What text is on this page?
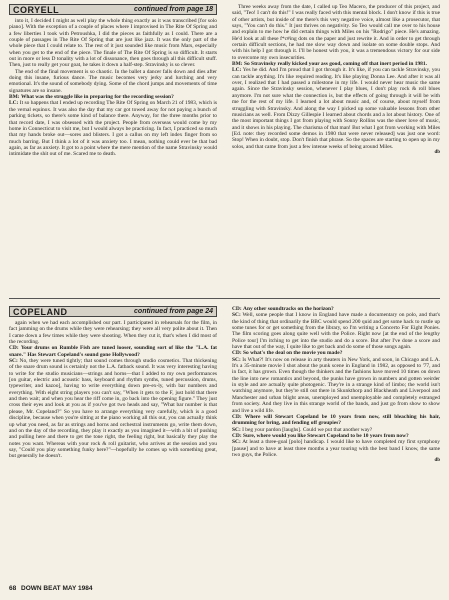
CORYELL	continued from page 18

into it, I decided I might as well play the whole thing exactly as it was transcribed [for solo piano]. With the exception of a couple of places where I improvised in The Rite Of Spring and a few liberties I took with Petroushka, I did the pieces as faithfully as I could. There are a couple of passages in The Rite Of Spring that are just like jazz. It was the only part of the whole piece that I could relate to. The rest of it just sounded like music from Mars, especially when you get to the end of the piece. The finale of The Rite Of Spring is so difficult. It starts out in more or less D tonality with a lot of dissonance, then goes through all this difficult stuff. Then, just to really get your goat, he takes it down a half-step. Stravinsky is so clever.

The end of the final movement is so chaotic. In the ballet a dancer falls down and dies after doing this insane, furious dance. The music becomes very jerky and lurching and very emotional. It's the sound of somebody dying. Some of the chord jumps and movements of time signatures are so insane.

BM: What was the struggle like in preparing for the recording session?

LC: It so happens that I ended up recording The Rite Of Spring on March 21 of 1983, which is the vernal equinox. It was also the day that my car got towed away for not paying a bunch of parking tickets, so there's some kind of balance there. Anyway, for the three months prior to that record date, I was obsessed with the project. People from overseas would come by my home in Connecticut to visit me, but I would always be practicing. In fact, I practiced so much that my hands broke out—sores and blisters. I got a callus on my left index finger from so much barring. But I think a lot of it was anxiety too. I mean, nothing could ever be that bad again, as far as anxiety. It got to a point where the mere mention of the name Stravinsky would intimidate the shit out of me. Scared me to death.

Three weeks away from the date, I called up Teo Macero, the producer of this project, and said, "Teo! I can't do this!" I was really faced with this mental block. I don't know if this is true of other artists, but inside of me there's this very negative voice, almost like a prosecutor, that says, "You can't do this." It just thrives on negativity. So Teo would call me over to his house and explain to me how he did certain things with Miles on his "Rodrigo" piece. He's amazing. He'd look at all these f*c#ing dots on the paper and just rewrite it. And in order to get through certain difficult sections, he had me slow way down and isolate on some double stops. And with his help I got through it. I'll be honest with you, it was a tremendous victory for our side to overcome my own insecurities.

BM: So Stravinsky really kicked your ass good, coming off that inert period in 1981.

LC: Yes he did. And I'm proud that I got through it. It's like, if you can tackle Stravinsky, you can tackle anything. It's like required reading. It's like playing Donna Lee. And after it was all over, I realized that I had passed a milestone in my life. I would never hear music the same again. Since the Stravinsky session, whenever I play blues, I don't play rock & roll blues anymore. I'm not sure what the connection is, but the effects of going through it will be with me for the rest of my life. I learned a lot about music and, of course, about myself from struggling with Stravinsky. And along the way I picked up some valuable lessons from other musicians as well. From Dizzy Gillespie I learned about chords and a lot about history. One of the most important things I got from playing with Sonny Rollins was the sheer love of music, and it shows in his playing. The charisma of that man! But what I got from working with Miles [Ed. note: they recorded some demos in 1980 that were never released] was just one word: Stop! When in doubt, stop. Don't finish that phrase. So the spaces are starting to open up in my solos, and that came from just a few intense weeks of being around Miles.

db
COPELAND	continued from page 24

again when we had each accomplished our part. I participated in rehearsals for the film, in fact jamming on the drums while they were rehearsing; they were all very polite about it. Then I came down a few times while they were shooting. When they cut it, that's when I did most of the recording.

CD: Your drums on Rumble Fish are tuned looser, sounding sort of like the "L.A. fat snare." Has Stewart Copeland's sound gone Hollywood?

SC: No, they were tuned tightly; that sound comes through studio cosmetics. That thickening of the snare drum sound is certainly not the L.A. fatback sound. It was very interesting having to write for the studio musicians—strings and horns—that I added to my own performances [on guitar, electric and acoustic bass, keyboard and rhythm synths, tuned percussion, drums, typewriter, and kazoo], having to write everything down pre-ex-ly, with bar numbers and everything. With eight string players you can't say, "When it gets to the F, just hold that there and then wait; and when you hear the riff come in, go back into the opening figure." They just cross their eyes and look at you as if you've got two heads and say, "What bar number is that please, Mr. Copeland?" So you have to arrange everything very carefully, which is a good discipline, because when you're sitting at the piano working all this out, you can actually think up what you need, as far as strings and horns and orchestral instruments go, write them down, and on the day of the recording, they play it exactly as you imagined it—with a bit of pushing and pulling here and there to get the tone right, the feeling right, but basically they play the notes you want. Whereas with your rock & roll guitarist, who arrives at the session and you say, "Could you play something funky here?"—hopefully he comes up with something great, but generally he doesn't.

CD: Any other soundtracks on the horizon?

SC: Well, some people that I know in England have made a documentary on polo, and that's the kind of thing that ordinarily the BBC would spend 200 quid and get some hack to rustle up some tunes for or get something from the library, so I'm writing a Concerto For Eight Ponies. The film scoring goes along quite well with the Police. Right now [at the end of the lengthy Police tour] I'm itching to get into the studio and do a score. But after I've done a score and have that out of the way, I quite like to get back and do some of those songs again.

CD: So what's the deal on the movie you made?

SC: Is What?! It's now on release in arty theaters in New York, and soon, in Chicago and L.A. It's a 35-minute movie I shot about the punk scene in England in 1982, as opposed to '77, and in fact, it has grown. Even though the thinkers and the fashions have moved 10 times on down the line into new romantics and beyond, the punks have grown in numbers and gotten weirder in style and are actually quite photogenic. They're in a strange kind of limbo; the world isn't watching anymore, but they're still out there in Skunkthorp and Blackheath and Liverpool and Manchester and urban blight areas, unemployed and unemployable and completely estranged from society. And they live in this strange world of the bands, and just go from show to show and live a wild life.

CD: Where will Stewart Copeland be 10 years from now, still bleaching his hair, drumming for bring, and fending off groupies?

SC: I beg your pardon [laughs]. Could we put that another way?

CD: Sure, where would you like Stewart Copeland to be 10 years from now?

SC: At least a three-goal [polo] handicap. I would like to have completed my first symphony [pause] and to have at least three months a year touring with the best band I know, the same two guys, the Police.

db
68 DOWN BEAT MAY 1984
